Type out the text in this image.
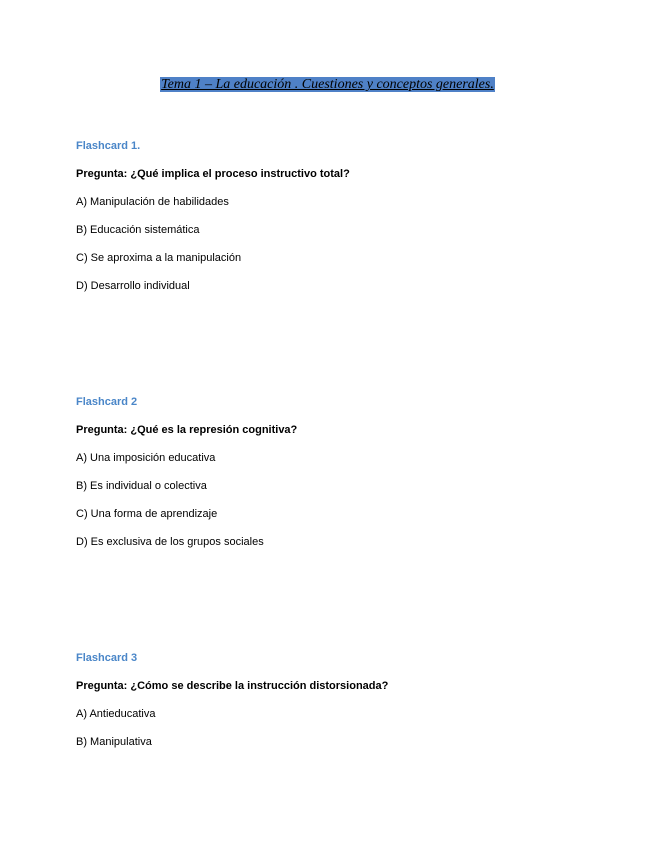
Tema 1 – La educación . Cuestiones y conceptos generales.
Flashcard 1.
Pregunta: ¿Qué implica el proceso instructivo total?
A) Manipulación de habilidades
B) Educación sistemática
C) Se aproxima a la manipulación
D) Desarrollo individual
Flashcard 2
Pregunta: ¿Qué es la represión cognitiva?
A) Una imposición educativa
B) Es individual o colectiva
C) Una forma de aprendizaje
D) Es exclusiva de los grupos sociales
Flashcard 3
Pregunta: ¿Cómo se describe la instrucción distorsionada?
A) Antieducativa
B) Manipulativa
